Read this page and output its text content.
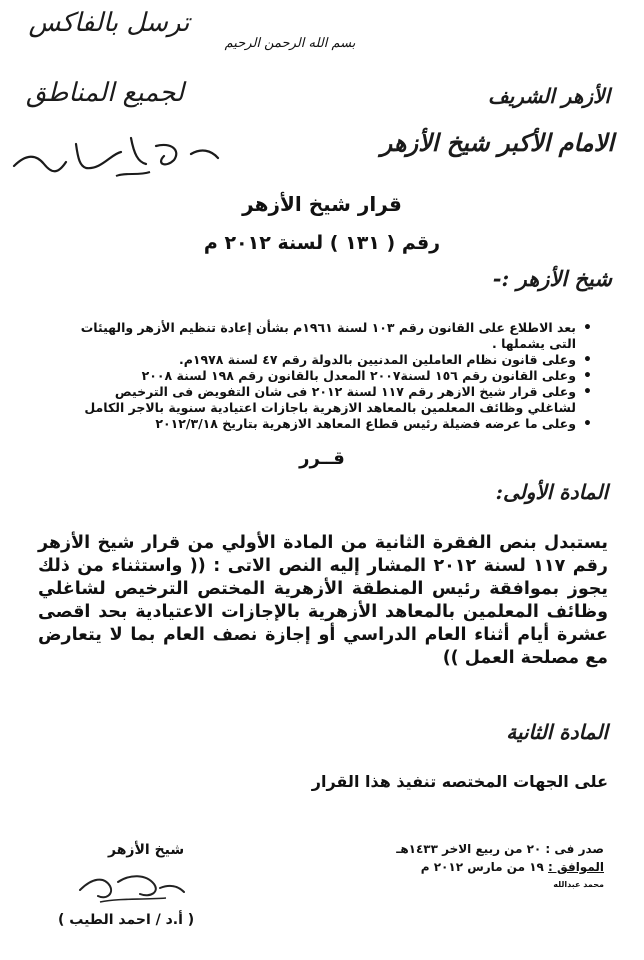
ترسل بالفاكس
لجميع المناطق
بسم الله الرحمن الرحيم
الأزهر الشريف
الامام الأكبر شيخ الأزهر
قرار شيخ الأزهر
رقم ( ١٣١ ) لسنة ٢٠١٢ م
شيخ الأزهر :-
• بعد الاطلاع على القانون رقم ١٠٣ لسنة ١٩٦١م بشأن إعادة تنظيم الأزهر والهيئات التى يشملها .
• وعلى قانون نظام العاملين المدنيين بالدولة رقم ٤٧ لسنة ١٩٧٨م.
• وعلى القانون رقم ١٥٦ لسنة٢٠٠٧ المعدل بالقانون رقم ١٩٨ لسنة ٢٠٠٨
• وعلى قرار شيخ الازهر رقم ١١٧ لسنة ٢٠١٢ فى شان التفويض فى الترخيص لشاغلي وظائف المعلمين بالمعاهد الازهرية باجازات اعتيادية سنوية بالاجر الكامل
• وعلى ما عرضه فضيلة رئيس قطاع المعاهد الازهرية بتاريخ ٢٠١٢/٣/١٨
قــرر
المادة الأولى:
يستبدل بنص الفقرة الثانية من المادة الأولي من قرار شيخ الأزهر رقم ١١٧ لسنة ٢٠١٢ المشار إليه النص الاتى : (( واستثناء من ذلك يجوز بموافقة رئيس المنطقة الأزهرية المختص الترخيص لشاغلي وظائف المعلمين بالمعاهد الأزهرية بالإجازات الاعتيادية بحد اقصى عشرة أيام أثناء العام الدراسي أو إجازة نصف العام بما لا يتعارض مع مصلحة العمل ))
المادة الثانية
على الجهات المختصه تنفيذ هذا القرار
صدر فى : ٢٠ من ربيع الاخر ١٤٣٣هـ
الموافق : ١٩ من مارس ٢٠١٢ م
محمد عبدالله
شيخ الأزهر
( أ.د / احمد الطيب )
